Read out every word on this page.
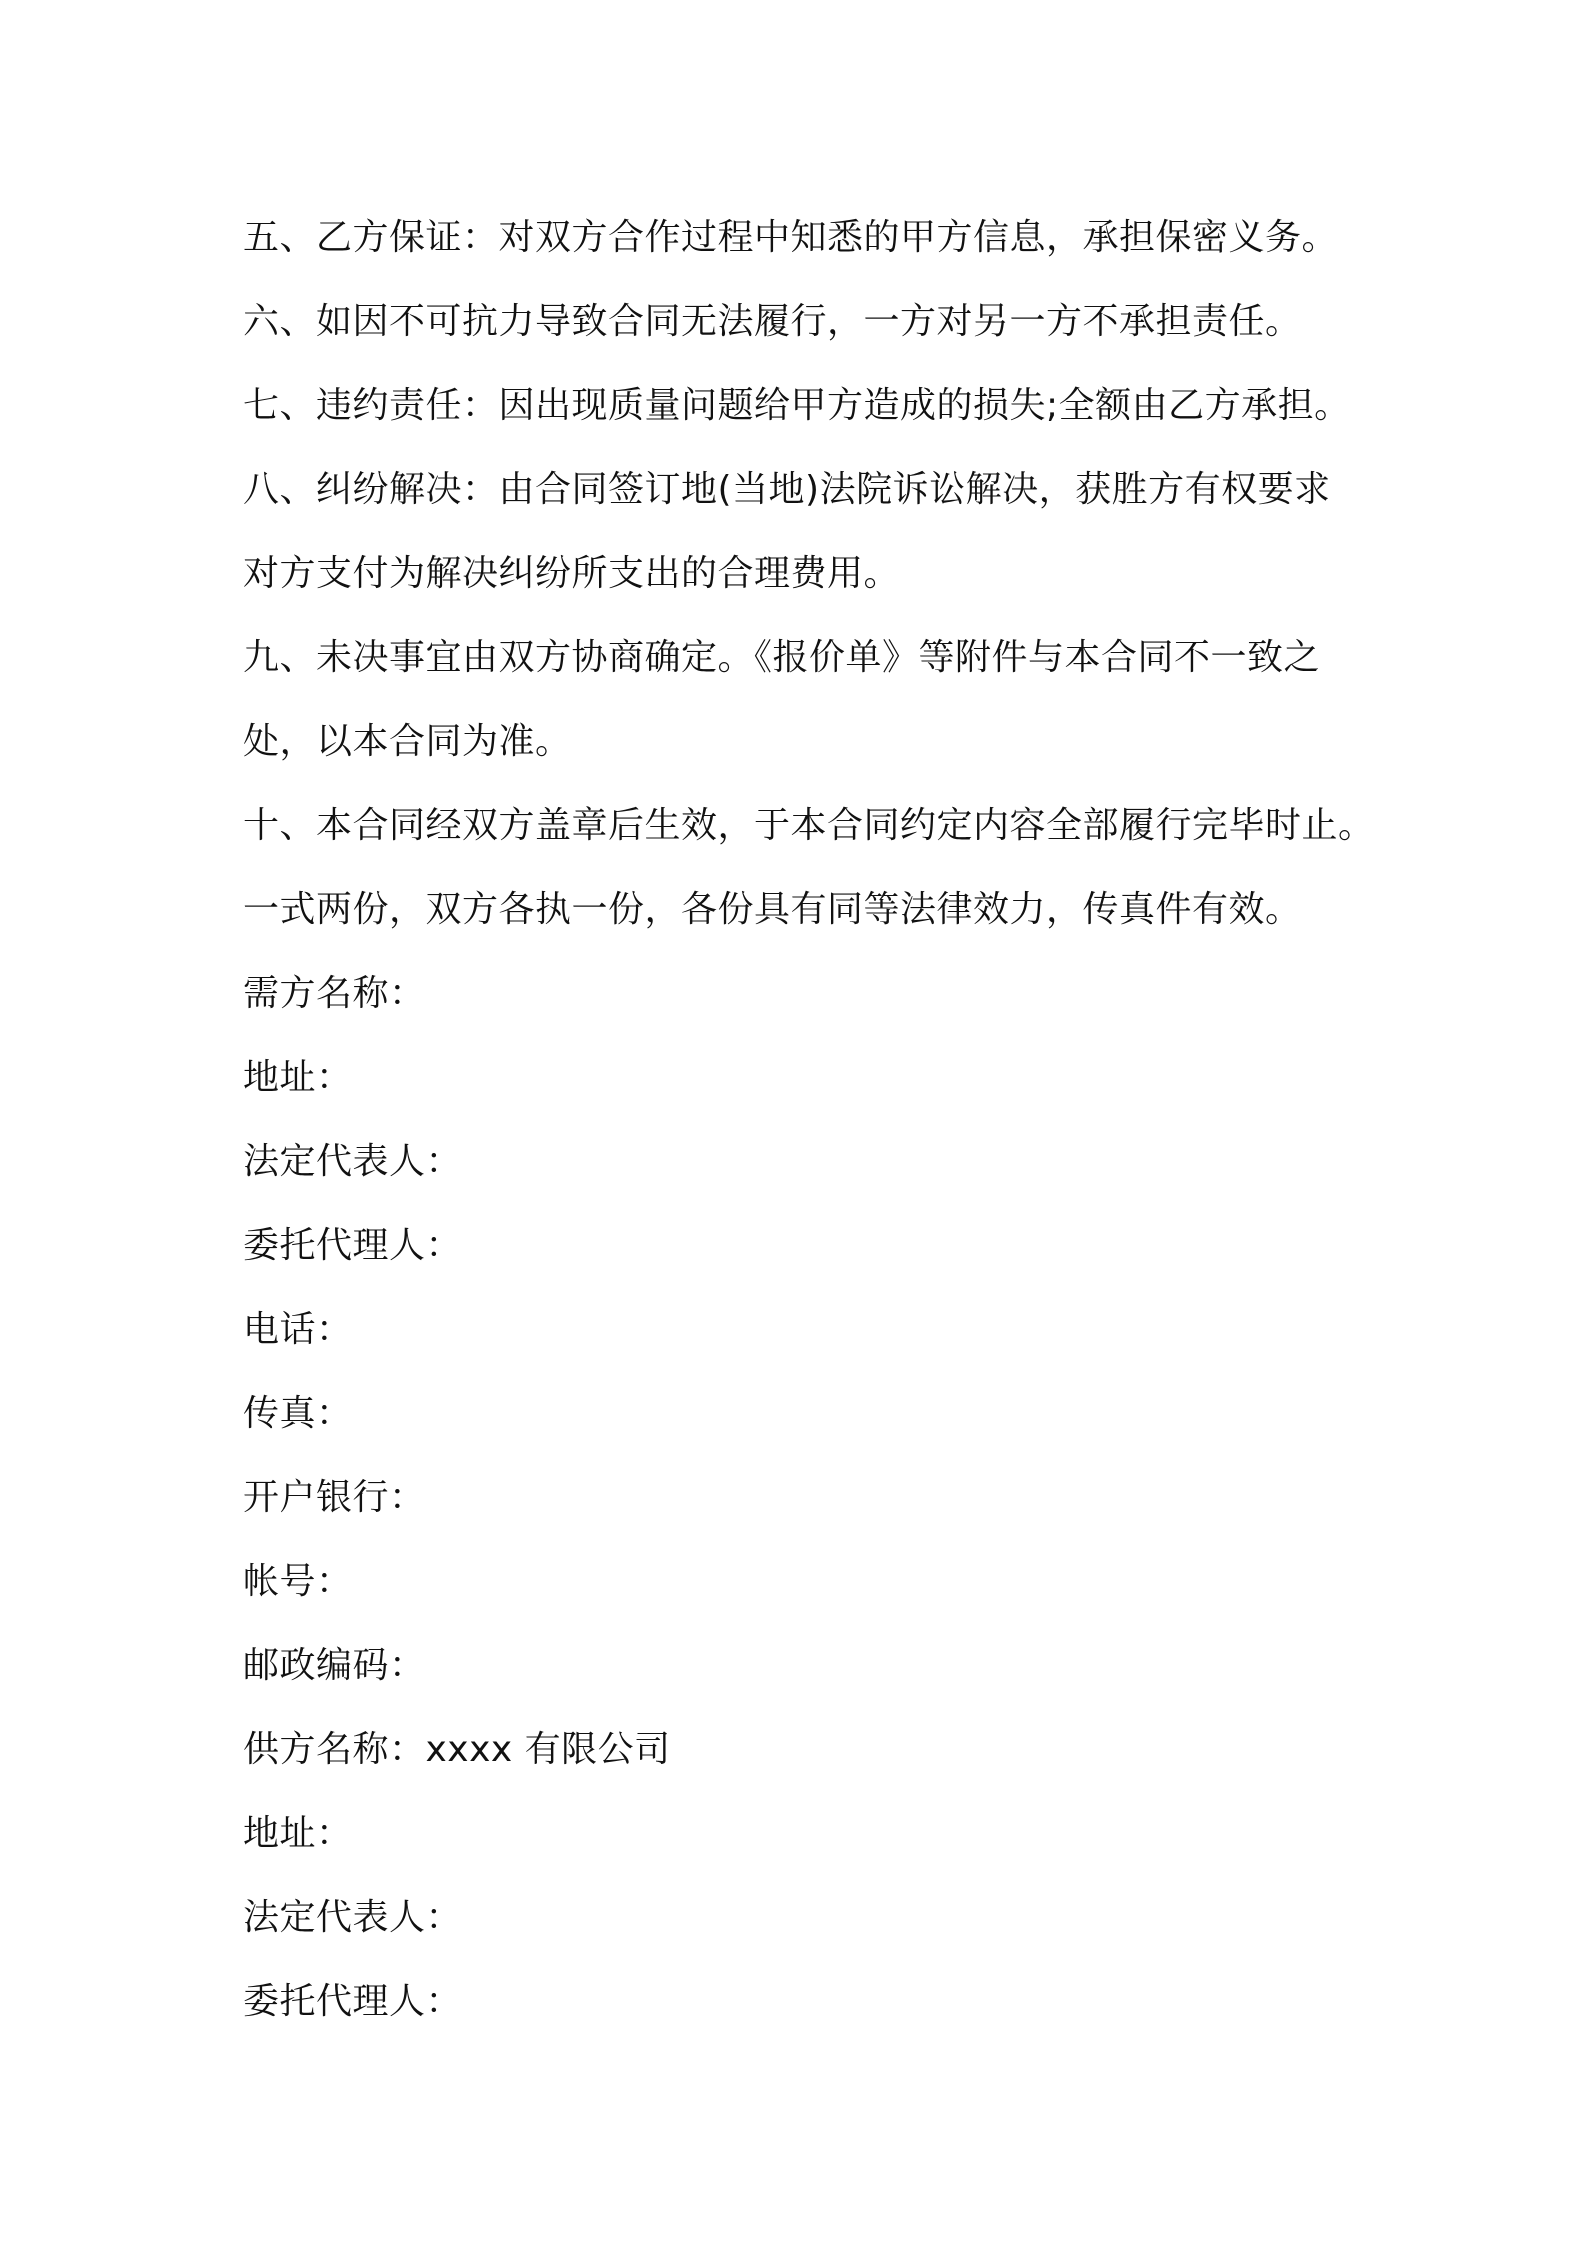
五、乙方保证：对双方合作过程中知悉的甲方信息，承担保密义务。
六、如因不可抗力导致合同无法履行，一方对另一方不承担责任。
七、违约责任：因出现质量问题给甲方造成的损失;全额由乙方承担。
八、纠纷解决：由合同签订地(当地)法院诉讼解决，获胜方有权要求
对方支付为解决纠纷所支出的合理费用。
九、未决事宜由双方协商确定。《报价单》等附件与本合同不一致之
处，以本合同为准。
十、本合同经双方盖章后生效，于本合同约定内容全部履行完毕时止。
一式两份，双方各执一份，各份具有同等法律效力，传真件有效。
需方名称：
地址：
法定代表人：
委托代理人：
电话：
传真：
开户银行：
帐号：
邮政编码：
供方名称：xxxx 有限公司
地址：
法定代表人：
委托代理人：
